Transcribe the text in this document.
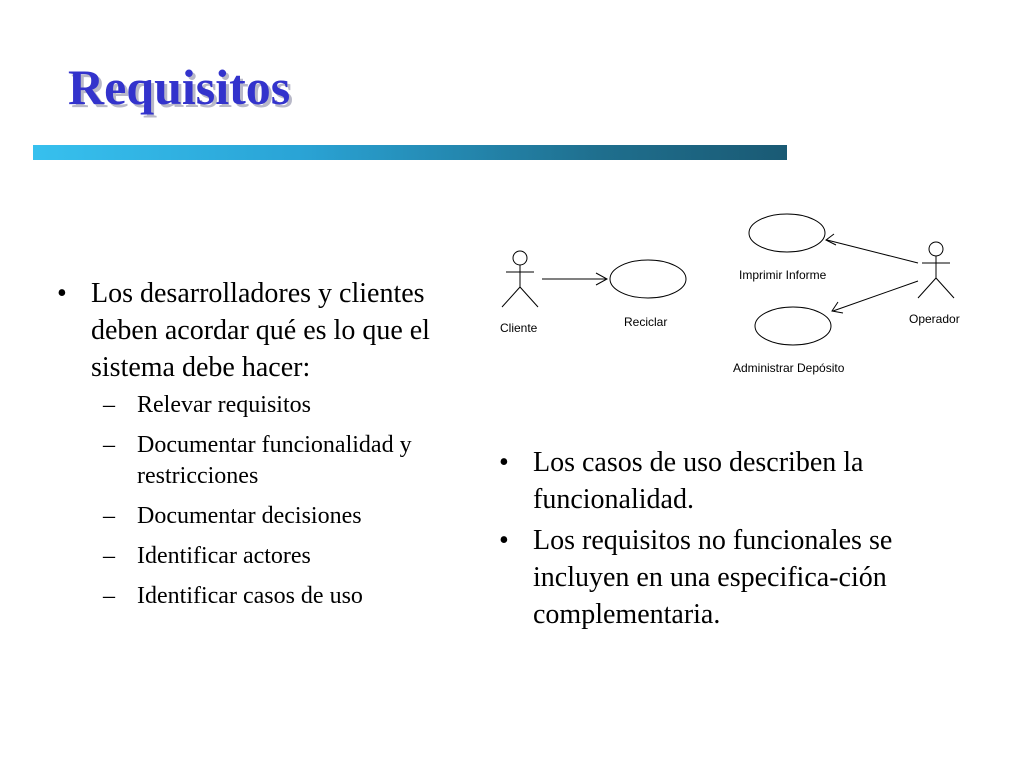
Requisitos
• Los desarrolladores y clientes deben acordar qué es lo que el sistema debe hacer:
– Relevar requisitos
– Documentar funcionalidad y restricciones
– Documentar decisiones
– Identificar actores
– Identificar casos de uso
Cliente
Operador
Reciclar
Imprimir Informe
Administrar Depósito
• Los casos de uso describen la funcionalidad.
• Los requisitos no funcionales se incluyen en una especifica-ción complementaria.
